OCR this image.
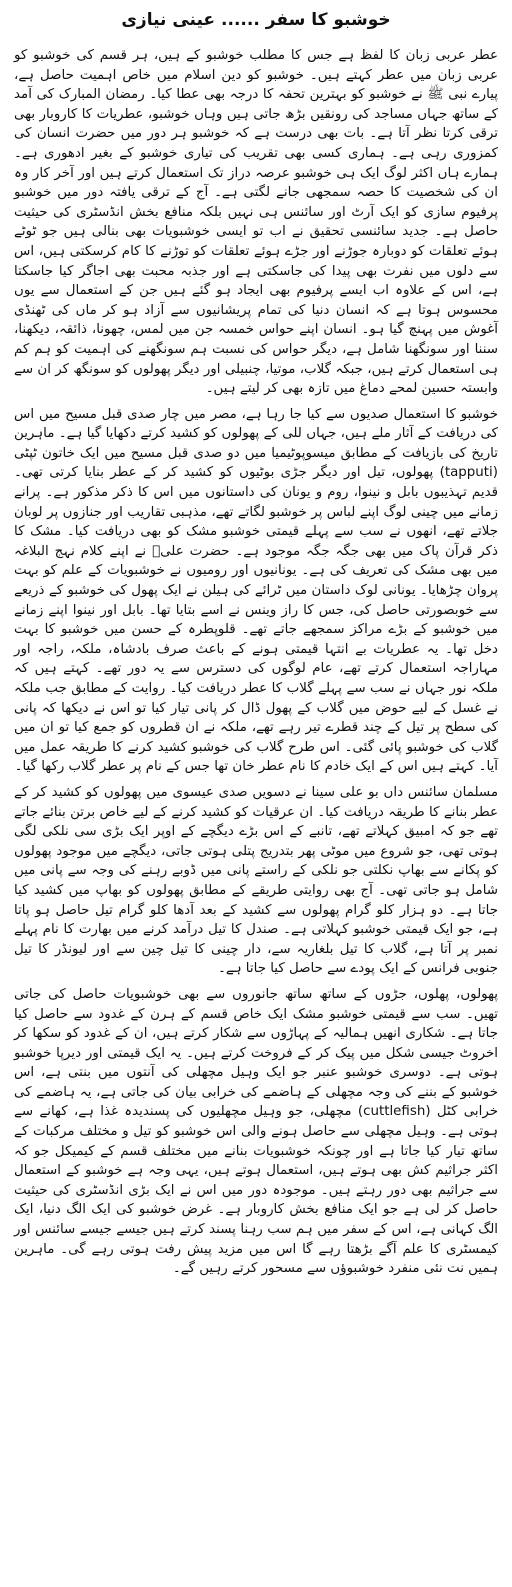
خوشبو کا سفر......عینی نیازی

عطر عربی زبان کا لفظ ہے جس کا مطلب خوشبو کے ہیں، ہر قسم کی خوشبو کو عربی زبان میں عطر کہتے ہیں۔ خوشبو کو دین اسلام میں خاص اہمیت حاصل ہے، پیارے نبی ﷺ نے خوشبو کو بہترین تحفہ کا درجہ بھی عطا کیا۔ رمضان المبارک کی آمد کے ساتھ جہاں مساجد کی رونقیں بڑھ جاتی ہیں وہاں خوشبو، عطریات کا کاروبار بھی ترقی کرتا نظر آتا ہے۔ بات بھی درست ہے کہ خوشبو ہر دور میں حضرت انسان کی کمزوری رہی ہے۔ ہماری کسی بھی تقریب کی تیاری خوشبو کے بغیر ادھوری ہے۔ ہمارے ہاں اکثر لوگ ایک ہی خوشبو عرصہ دراز تک استعمال کرتے ہیں اور آخر کار وہ ان کی شخصیت کا حصہ سمجھی جانے لگتی ہے۔ آج کے ترقی یافتہ دور میں خوشبو پرفیوم سازی کو ایک آرٹ اور سائنس ہی نہیں بلکہ منافع بخش انڈسٹری کی حیثیت حاصل ہے۔ جدید سائنسی تحقیق نے اب تو ایسی خوشبویات بھی بنالی ہیں جو ٹوٹے ہوئے تعلقات کو دوبارہ جوڑنے اور جڑے ہوئے تعلقات کو توڑنے کا کام کرسکتی ہیں، اس سے دلوں میں نفرت بھی پیدا کی جاسکتی ہے اور جذبہ محبت بھی اجاگر کیا جاسکتا ہے، اس کے علاوہ اب ایسے پرفیوم بھی ایجاد ہو گئے ہیں جن کے استعمال سے یوں محسوس ہوتا ہے کہ انسان دنیا کی تمام پریشانیوں سے آزاد ہو کر ماں کی ٹھنڈی آغوش میں پہنچ گیا ہو۔ انسان اپنے حواس خمسہ جن میں لمس، چھونا، ذائقہ، دیکھنا، سننا اور سونگھنا شامل ہے، دیگر حواس کی نسبت ہم سونگھنے کی اہمیت کو ہم کم ہی استعمال کرتے ہیں، جبکہ گلاب، موتیا، چنبیلی اور دیگر پھولوں کو سونگھ کر ان سے وابستہ حسین لمحے دماغ میں تازہ بھی کر لیتے ہیں۔

خوشبو کا استعمال صدیوں سے کیا جا رہا ہے، مصر میں چار صدی قبل مسیح میں اس کی دریافت کے آثار ملے ہیں، جہاں للی کے پھولوں کو کشید کرتے دکھایا گیا ہے۔ ماہرین تاریخ کی بازیافت کے مطابق میسوپوٹیمیا میں دو صدی قبل مسیح میں ایک خاتون ٹپٹی (tapputi) پھولوں، تیل اور دیگر جڑی بوٹیوں کو کشید کر کے عطر بنایا کرتی تھی۔ قدیم تہذیبوں بابل و نینوا، روم و یونان کی داستانوں میں اس کا ذکر مذکور ہے۔ پرانے زمانے میں چینی لوگ اپنے لباس پر خوشبو لگاتے تھے، مذہبی تقاریب اور جنازوں پر لوبان جلاتے تھے، انھوں نے سب سے پہلے قیمتی خوشبو مشک کو بھی دریافت کیا۔ مشک کا ذکر قرآن پاک میں بھی جگہ جگہ موجود ہے۔ حضرت علیؓ نے اپنے کلام نہج البلاغہ میں بھی مشک کی تعریف کی ہے۔ یونانیوں اور رومیوں نے خوشبویات کے علم کو بہت پروان چڑھایا۔ یونانی لوک داستان میں ٹرائے کی ہیلن نے ایک پھول کی خوشبو کے ذریعے سے خوبصورتی حاصل کی، جس کا راز وینس نے اسے بتایا تھا۔ بابل اور نینوا اپنے زمانے میں خوشبو کے بڑے مراکز سمجھے جاتے تھے۔ قلوپطرہ کے حسن میں خوشبو کا بہت دخل تھا۔ یہ عطریات بے انتہا قیمتی ہونے کے باعث صرف بادشاہ، ملکہ، راجہ اور مہاراجہ استعمال کرتے تھے، عام لوگوں کی دسترس سے یہ دور تھے۔ کہتے ہیں کہ ملکہ نور جہاں نے سب سے پہلے گلاب کا عطر دریافت کیا۔ روایت کے مطابق جب ملکہ نے غسل کے لیے حوض میں گلاب کے پھول ڈال کر پانی تیار کیا تو اس نے دیکھا کہ پانی کی سطح پر تیل کے چند قطرے تیر رہے تھے، ملکہ نے ان قطروں کو جمع کیا تو ان میں گلاب کی خوشبو پائی گئی۔ اس طرح گلاب کی خوشبو کشید کرنے کا طریقہ عمل میں آیا۔ کہتے ہیں اس کے ایک خادم کا نام عطر خان تھا جس کے نام پر عطر گلاب رکھا گیا۔

مسلمان سائنس داں بو علی سینا نے دسویں صدی عیسوی میں پھولوں کو کشید کر کے عطر بنانے کا طریقہ دریافت کیا۔ ان عرقیات کو کشید کرنے کے لیے خاص برتن بنائے جاتے تھے جو کہ امبیق کہلاتے تھے، تانبے کے اس بڑے دیگچے کے اوپر ایک بڑی سی نلکی لگی ہوتی تھی، جو شروع میں موٹی پھر بتدریج پتلی ہوتی جاتی، دیگچے میں موجود پھولوں کو پکانے سے بھاپ نکلتی جو نلکی کے راستے پانی میں ڈوبے رہنے کی وجہ سے پانی میں شامل ہو جاتی تھی۔ آج بھی روایتی طریقے کے مطابق پھولوں کو بھاپ میں کشید کیا جاتا ہے۔ دو ہزار کلو گرام پھولوں سے کشید کے بعد آدھا کلو گرام تیل حاصل ہو پاتا ہے، جو ایک قیمتی خوشبو کہلاتی ہے۔ صندل کا تیل درآمد کرنے میں بھارت کا نام پہلے نمبر پر آتا ہے، گلاب کا تیل بلغاریہ سے، دار چینی کا تیل چین سے اور لیونڈر کا تیل جنوبی فرانس کے ایک پودے سے حاصل کیا جاتا ہے۔

پھولوں، پھلوں، جڑوں کے ساتھ ساتھ جانوروں سے بھی خوشبویات حاصل کی جاتی تھیں۔ سب سے قیمتی خوشبو مشک ایک خاص قسم کے ہرن کے غدود سے حاصل کیا جاتا ہے۔ شکاری انھیں ہمالیہ کے پہاڑوں سے شکار کرتے ہیں، ان کے غدود کو سکھا کر اخروٹ جیسی شکل میں پیک کر کے فروخت کرتے ہیں۔ یہ ایک قیمتی اور دیرپا خوشبو ہوتی ہے۔ دوسری خوشبو عنبر جو ایک وہیل مچھلی کی آنتوں میں بنتی ہے، اس خوشبو کے بننے کی وجہ مچھلی کے ہاضمے کی خرابی بیان کی جاتی ہے، یہ ہاضمے کی خرابی کٹل (cuttlefish) مچھلی، جو وہیل مچھلیوں کی پسندیدہ غذا ہے، کھانے سے ہوتی ہے۔ وہیل مچھلی سے حاصل ہونے والی اس خوشبو کو تیل و مختلف مرکبات کے ساتھ تیار کیا جاتا ہے اور چونکہ خوشبویات بنانے میں مختلف قسم کے کیمیکل جو کہ اکثر جراثیم کش بھی ہوتے ہیں، استعمال ہوتے ہیں، یہی وجہ ہے خوشبو کے استعمال سے جراثیم بھی دور رہتے ہیں۔ موجودہ دور میں اس نے ایک بڑی انڈسٹری کی حیثیت حاصل کر لی ہے جو ایک منافع بخش کاروبار ہے۔ غرض خوشبو کی ایک الگ دنیا، ایک الگ کہانی ہے، اس کے سفر میں ہم سب رہنا پسند کرتے ہیں جیسے جیسے سائنس اور کیمسٹری کا علم آگے بڑھتا رہے گا اس میں مزید پیش رفت ہوتی رہے گی۔ ماہرین ہمیں نت نئی منفرد خوشبوؤں سے مسحور کرتے رہیں گے۔
